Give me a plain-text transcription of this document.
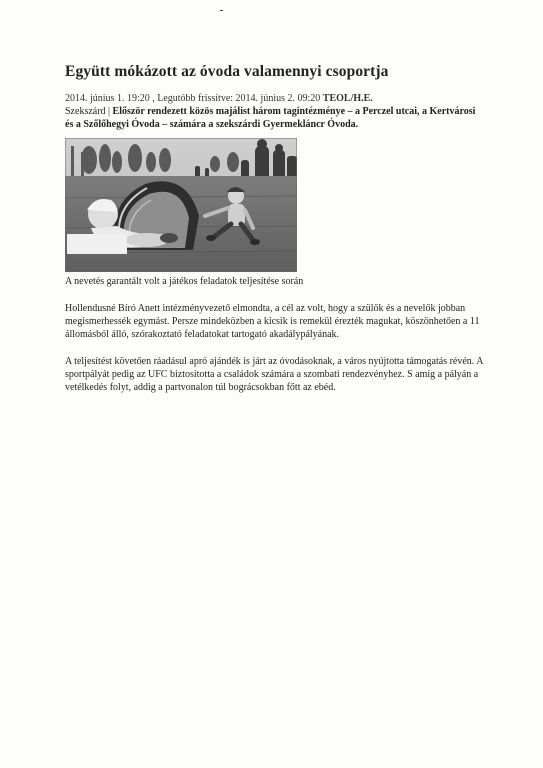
Együtt mókázott az óvoda valamennyi csoportja
2014. június 1. 19:20 , Legutóbb frissítve: 2014. június 2. 09:20 TEOL/H.E.
Szekszárd | Először rendezett közös majálist három tagintézménye – a Perczel utcai, a Kertvárosi és a Szőlőhegyi Óvoda – számára a szekszárdi Gyermekláncr Óvoda.
A nevetés garantált volt a játékos feladatok teljesítése során

Hollendusné Bíró Anett intézményvezető elmondta, a cél az volt, hogy a szülők és a nevelők jobban megismerhessék egymást. Persze mindeközben a kicsik is remekül érezték magukat, köszönhetően a 11 állomásból álló, szórakoztató feladatokat tartogató akadálypályának.

A teljesítést követően ráadásul apró ajándék is járt az óvodásoknak, a város nyújtotta támogatás révén. A sportpályát pedig az UFC biztosította a családok számára a szombati rendezvényhez. S amíg a pályán a vetélkedés folyt, addig a partvonalon túl bográcsokban főtt az ebéd.
